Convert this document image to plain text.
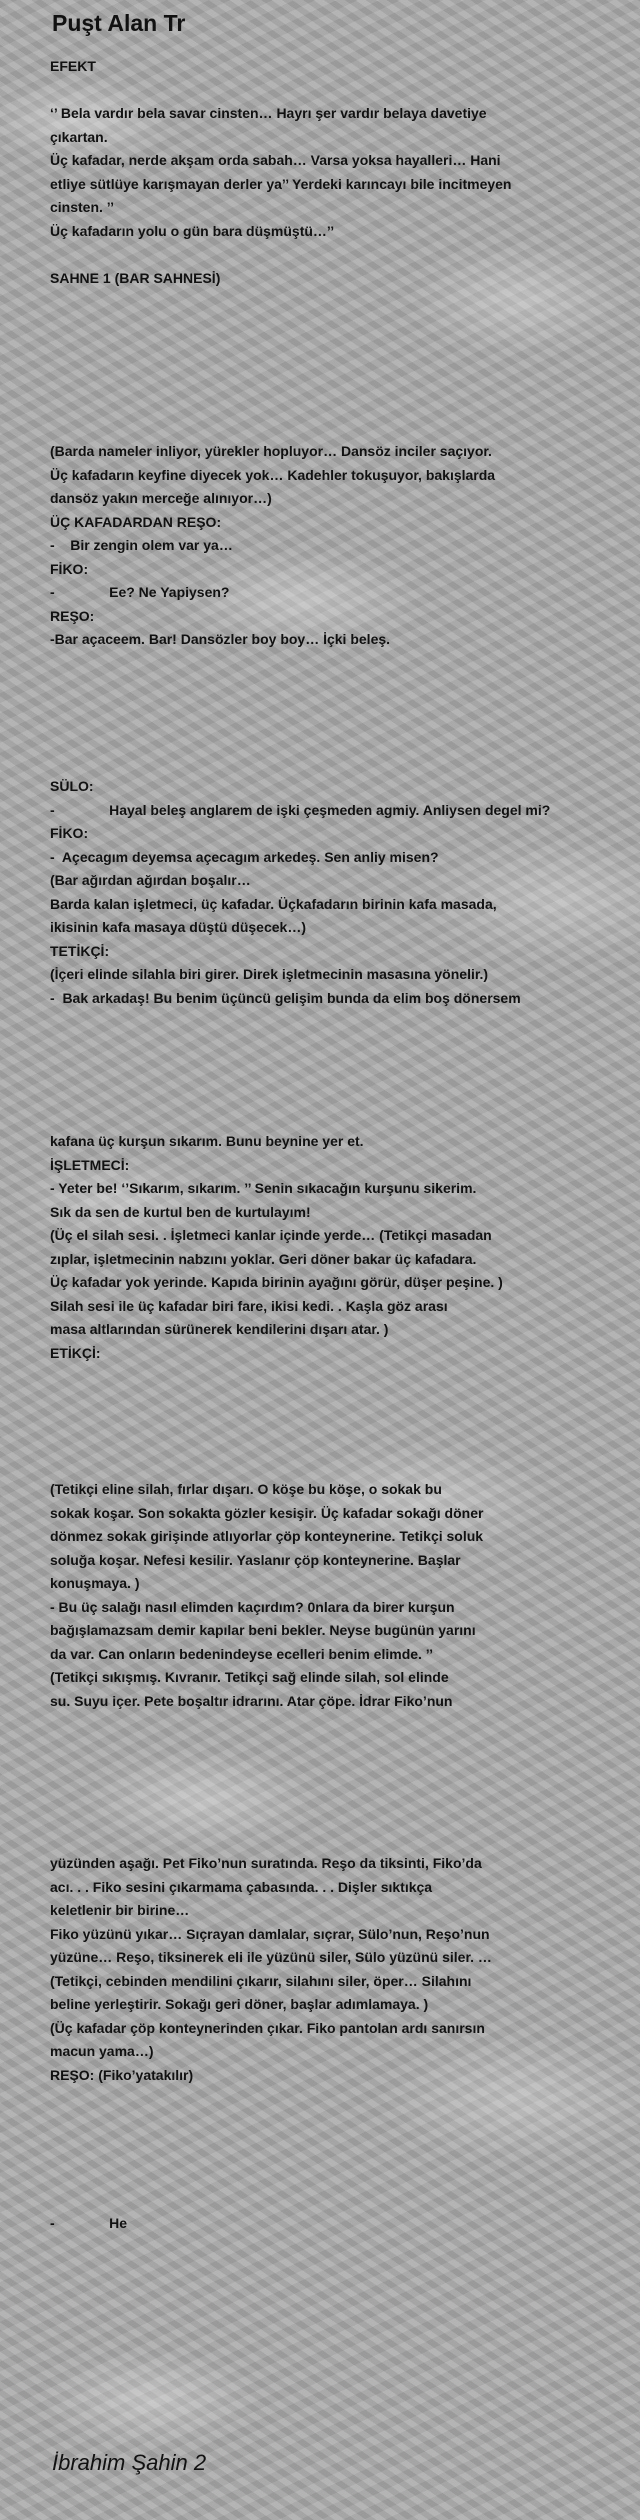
Puşt Alan Tr

EFEKT

‘’ Bela vardır bela savar cinsten… Hayrı şer vardır belaya davetiye

çıkartan.

Üç kafadar, nerde akşam orda sabah… Varsa yoksa hayalleri… Hani

etliye sütlüye karışmayan derler ya’’ Yerdeki karıncayı bile incitmeyen

cinsten. ’’

Üç kafadarın yolu o gün bara düşmüştü…’’

SAHNE 1 (BAR SAHNESİ)

(Barda nameler inliyor, yürekler hopluyor… Dansöz inciler saçıyor.

Üç kafadarın keyfine diyecek yok… Kadehler tokuşuyor, bakışlarda

dansöz yakın merceğe alınıyor…)

ÜÇ KAFADARDAN REŞO:

-    Bir zengin olem var ya…

FİKO:

-              Ee? Ne Yapiysen?

REŞO:

-Bar açaceem. Bar! Dansözler boy boy… İçki beleş.

SÜLO:

-              Hayal beleş anglarem de işki çeşmeden agmiy. Anliysen degel mi?

FİKO:

-  Açecagım deyemsa açecagım arkedeş. Sen anliy misen?

(Bar ağırdan ağırdan boşalır…

Barda kalan işletmeci, üç kafadar. Üçkafadarın birinin kafa masada,

ikisinin kafa masaya düştü düşecek…)

TETİKÇİ:

(İçeri elinde silahla biri girer. Direk işletmecinin masasına yönelir.)

-  Bak arkadaş! Bu benim üçüncü gelişim bunda da elim boş dönersem

kafana üç kurşun sıkarım. Bunu beynine yer et.

İŞLETMECİ:

- Yeter be! ‘’Sıkarım, sıkarım. ’’ Senin sıkacağın kurşunu sikerim.

Sık da sen de kurtul ben de kurtulayım!

(Üç el silah sesi. . İşletmeci kanlar içinde yerde… (Tetikçi masadan

zıplar, işletmecinin nabzını yoklar. Geri döner bakar üç kafadara.

Üç kafadar yok yerinde. Kapıda birinin ayağını görür, düşer peşine. )

Silah sesi ile üç kafadar biri fare, ikisi kedi. . Kaşla göz arası

masa altlarından sürünerek kendilerini dışarı atar. )

ETİKÇİ:

(Tetikçi eline silah, fırlar dışarı. O köşe bu köşe, o sokak bu

sokak koşar. Son sokakta gözler kesişir. Üç kafadar sokağı döner

dönmez sokak girişinde atlıyorlar çöp konteynerine. Tetikçi soluk

soluğa koşar. Nefesi kesilir. Yaslanır çöp konteynerine. Başlar

konuşmaya. )

- Bu üç salağı nasıl elimden kaçırdım? 0nlara da birer kurşun

bağışlamazsam demir kapılar beni bekler. Neyse bugünün yarını

da var. Can onların bedenindeyse ecelleri benim elimde. ’’

(Tetikçi sıkışmış. Kıvranır. Tetikçi sağ elinde silah, sol elinde

su. Suyu içer. Pete boşaltır idrarını. Atar çöpe. İdrar Fiko’nun

yüzünden aşağı. Pet Fiko’nun suratında. Reşo da tiksinti, Fiko’da

acı. . . Fiko sesini çıkarmama çabasında. . . Dişler sıktıkça

keletlenir bir birine…

Fiko yüzünü yıkar… Sıçrayan damlalar, sıçrar, Sülo’nun, Reşo’nun

yüzüne… Reşo, tiksinerek eli ile yüzünü siler, Sülo yüzünü siler. …

(Tetikçi, cebinden mendilini çıkarır, silahını siler, öper… Silahını

beline yerleştirir. Sokağı geri döner, başlar adımlamaya. )

(Üç kafadar çöp konteynerinden çıkar. Fiko pantolan ardı sanırsın

macun yama…)

REŞO: (Fiko’yatakılır)

-              He

İbrahim Şahin 2
